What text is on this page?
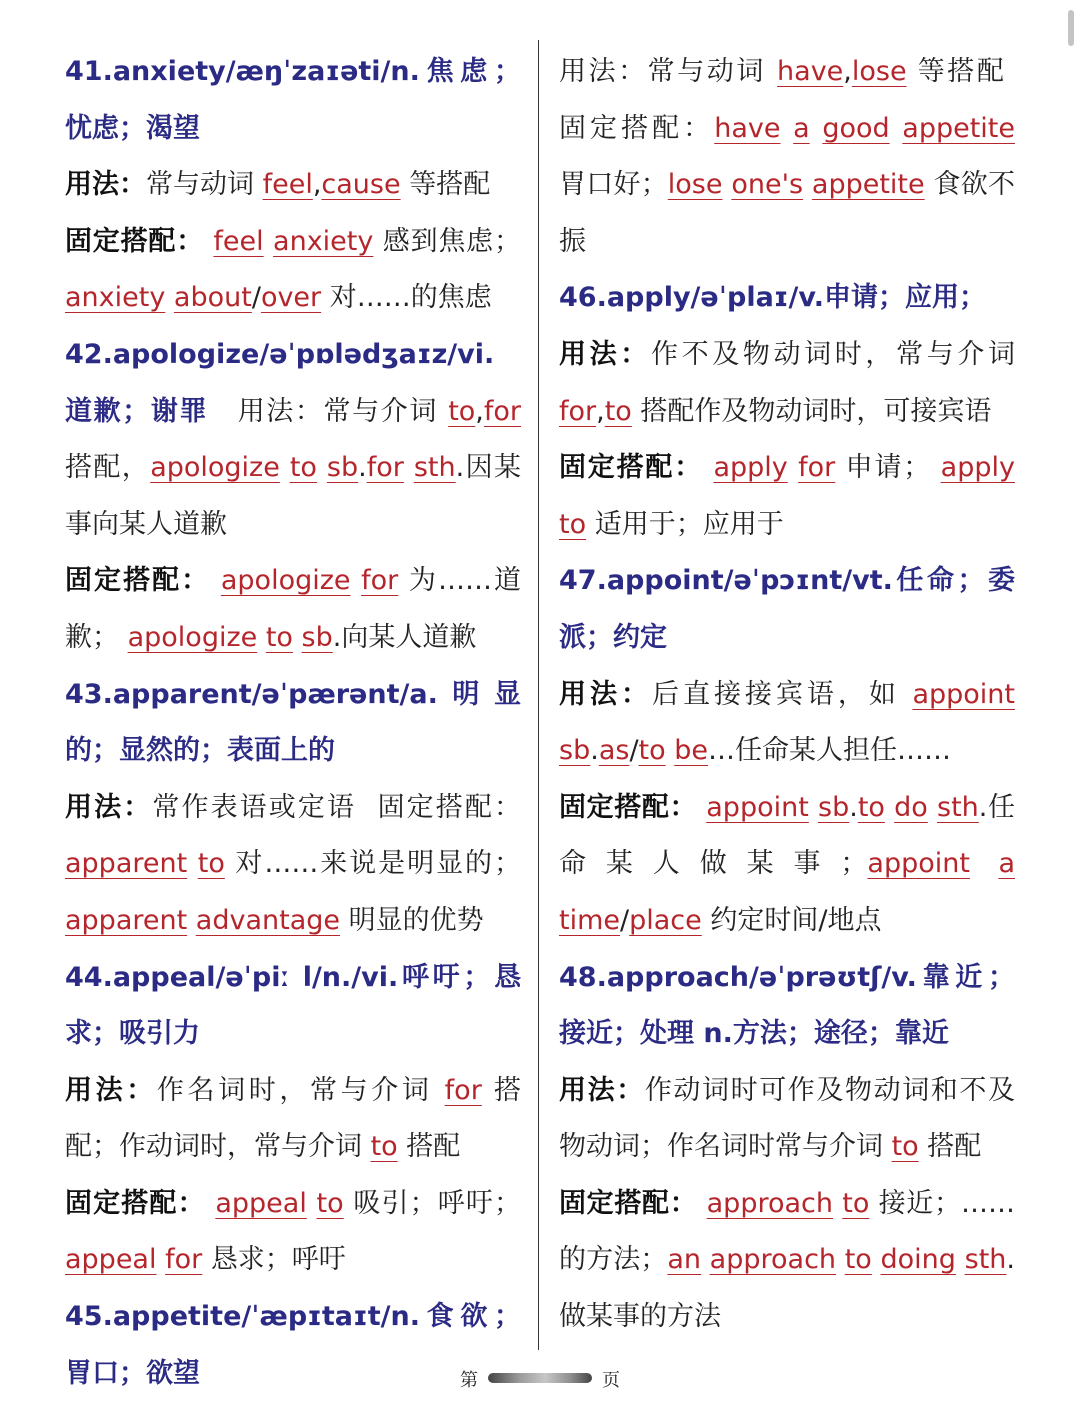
41.anxiety/æŋˈzaɪəti/n.焦虑；忧虑；渴望
用法：常与动词 feel,cause 等搭配
固定搭配： feel anxiety 感到焦虑； anxiety about/over 对……的焦虑
42.apologize/əˈpɒlədʒaɪz/vi.道歉；谢罪 用法：常与介词 to,for 搭配，apologize to sb.for sth.因某事向某人道歉
固定搭配： apologize for 为……道歉； apologize to sb.向某人道歉
43.apparent/əˈpærənt/a.明显的；显然的；表面上的
用法：常作表语或定语 固定搭配：apparent to 对……来说是明显的；apparent advantage 明显的优势
44.appeal/əˈpiː l/n./vi.呼吁；恳求；吸引力
用法：作名词时，常与介词 for 搭配；作动词时，常与介词 to 搭配
固定搭配： appeal to 吸引；呼吁； appeal for 恳求；呼吁
45.appetite/ˈæpɪtaɪt/n.食欲；胃口；欲望
用法：常与动词 have,lose 等搭配  固定搭配：have a good appetite 胃口好；lose one's appetite 食欲不振
46.apply/əˈplaɪ/v.申请；应用；
用法：作不及物动词时，常与介词 for,to 搭配作及物动词时，可接宾语
固定搭配： apply for 申请； apply to 适用于；应用于
47.appoint/əˈpɔɪnt/vt.任命；委派；约定
用法：后直接接宾语，如 appoint sb.as/to be…任命某人担任……
固定搭配： appoint sb.to do sth.任命某人做某事；appoint a time/place 约定时间/地点
48.approach/əˈprəʊtʃ/v.靠近；接近；处理 n.方法；途径；靠近
用法：作动词时可作及物动词和不及物动词；作名词时常与介词 to 搭配
固定搭配： approach to 接近；……的方法；an approach to doing sth.做某事的方法
第	页
